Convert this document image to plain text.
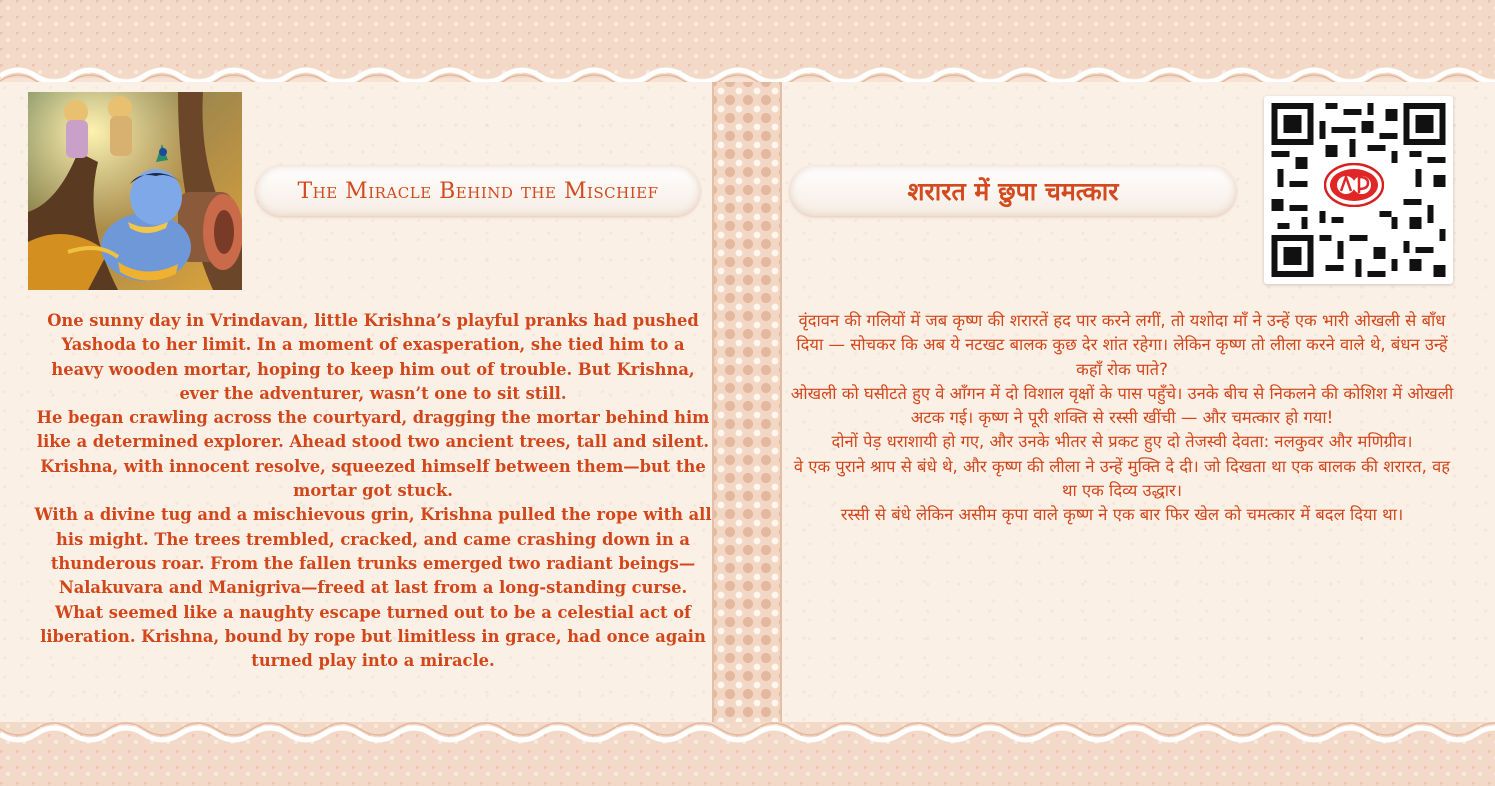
The Miracle Behind the Mischief	शरारत में छुपा चमत्कार

One sunny day in Vrindavan, little Krishna’s playful pranks had pushed Yashoda to her limit. In a moment of exasperation, she tied him to a heavy wooden mortar, hoping to keep him out of trouble. But Krishna, ever the adventurer, wasn’t one to sit still.

He began crawling across the courtyard, dragging the mortar behind him like a determined explorer. Ahead stood two ancient trees, tall and silent. Krishna, with innocent resolve, squeezed himself between them—but the mortar got stuck.

With a divine tug and a mischievous grin, Krishna pulled the rope with all his might. The trees trembled, cracked, and came crashing down in a thunderous roar. From the fallen trunks emerged two radiant beings—Nalakuvara and Manigriva—freed at last from a long-standing curse.

What seemed like a naughty escape turned out to be a celestial act of liberation. Krishna, bound by rope but limitless in grace, had once again turned play into a miracle.

वृंदावन की गलियों में जब कृष्ण की शरारतें हद पार करने लगीं, तो यशोदा माँ ने उन्हें एक भारी ओखली से बाँध दिया — सोचकर कि अब ये नटखट बालक कुछ देर शांत रहेगा। लेकिन कृष्ण तो लीला करने वाले थे, बंधन उन्हें कहाँ रोक पाते?

ओखली को घसीटते हुए वे आँगन में दो विशाल वृक्षों के पास पहुँचे। उनके बीच से निकलने की कोशिश में ओखली अटक गई। कृष्ण ने पूरी शक्ति से रस्सी खींची — और चमत्कार हो गया!

दोनों पेड़ धराशायी हो गए, और उनके भीतर से प्रकट हुए दो तेजस्वी देवता: नलकुवर और मणिग्रीव।

वे एक पुराने श्राप से बंधे थे, और कृष्ण की लीला ने उन्हें मुक्ति दे दी। जो दिखता था एक बालक की शरारत, वह था एक दिव्य उद्धार।

रस्सी से बंधे लेकिन असीम कृपा वाले कृष्ण ने एक बार फिर खेल को चमत्कार में बदल दिया था।
